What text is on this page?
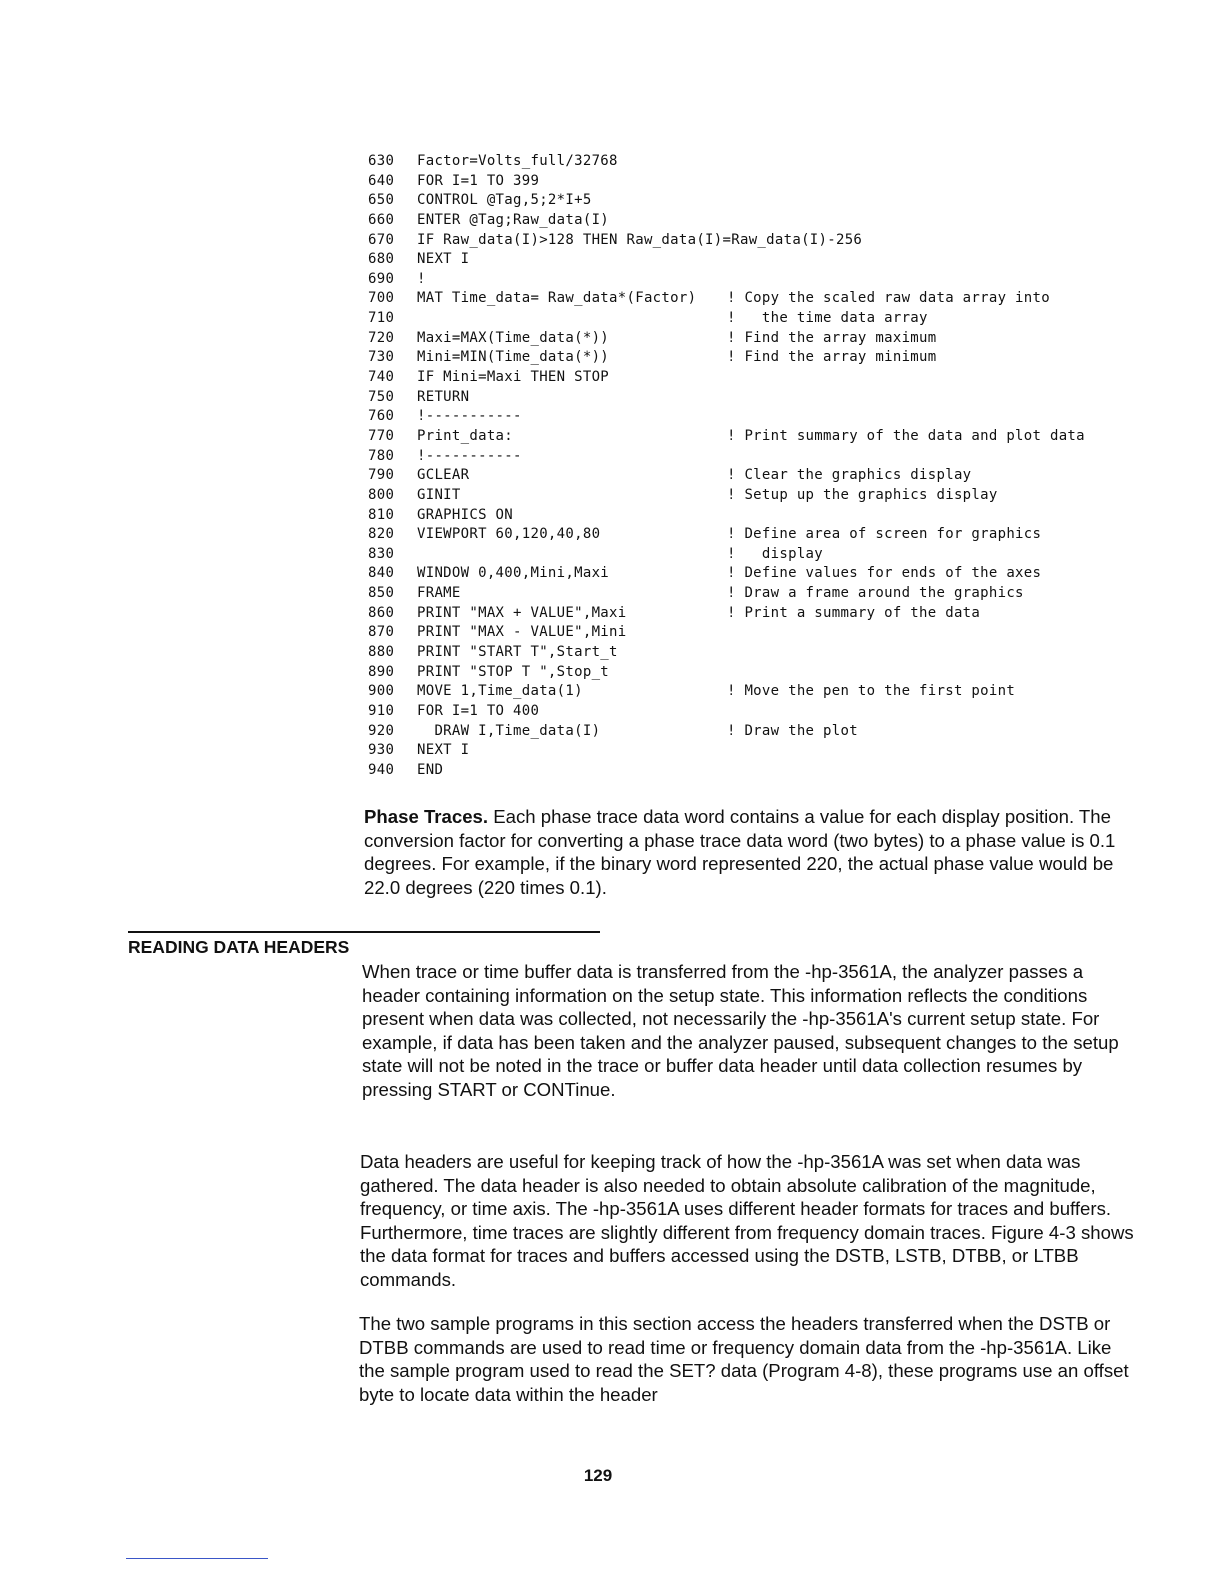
630 Factor=Volts_full/32768
640 FOR I=1 TO 399
650 CONTROL @Tag,5;2*I+5
660 ENTER @Tag;Raw_data(I)
670 IF Raw_data(I)>128 THEN Raw_data(I)=Raw_data(I)-256
680 NEXT I
690 !
700 MAT Time_data= Raw_data*(Factor) ! Copy the scaled raw data array into
710	!   the time data array
720 Maxi=MAX(Time_data(*))	! Find the array maximum
730 Mini=MIN(Time_data(*))	! Find the array minimum
740 IF Mini=Maxi THEN STOP
750 RETURN
760 !-----------
770 Print_data:	! Print summary of the data and plot data
780 !-----------
790 GCLEAR	! Clear the graphics display
800 GINIT	! Setup up the graphics display
810 GRAPHICS ON
820 VIEWPORT 60,120,40,80	! Define area of screen for graphics
830	!   display
840 WINDOW 0,400,Mini,Maxi	! Define values for ends of the axes
850 FRAME	! Draw a frame around the graphics
860 PRINT "MAX + VALUE",Maxi	! Print a summary of the data
870 PRINT "MAX - VALUE",Mini
880 PRINT "START T",Start_t
890 PRINT "STOP T ",Stop_t
900 MOVE 1,Time_data(1)	! Move the pen to the first point
910 FOR I=1 TO 400
920 DRAW I,Time_data(I)	! Draw the plot
930 NEXT I
940 END

Phase Traces. Each phase trace data word contains a value for each display position. The conversion factor for converting a phase trace data word (two bytes) to a phase value is 0.1 degrees. For example, if the binary word represented 220, the actual phase value would be 22.0 degrees (220 times 0.1).

READING DATA HEADERS

When trace or time buffer data is transferred from the -hp-3561A, the analyzer passes a header containing information on the setup state. This information reflects the conditions present when data was collected, not necessarily the -hp-3561A's current setup state. For example, if data has been taken and the analyzer paused, subsequent changes to the setup state will not be noted in the trace or buffer data header until data collection resumes by pressing START or CONTinue.

Data headers are useful for keeping track of how the -hp-3561A was set when data was gathered. The data header is also needed to obtain absolute calibration of the magnitude, frequency, or time axis. The -hp-3561A uses different header formats for traces and buffers. Furthermore, time traces are slightly different from frequency domain traces. Figure 4-3 shows the data format for traces and buffers accessed using the DSTB, LSTB, DTBB, or LTBB commands.

The two sample programs in this section access the headers transferred when the DSTB or DTBB commands are used to read time or frequency domain data from the -hp-3561A. Like the sample program used to read the SET? data (Program 4-8), these programs use an offset byte to locate data within the header

129
